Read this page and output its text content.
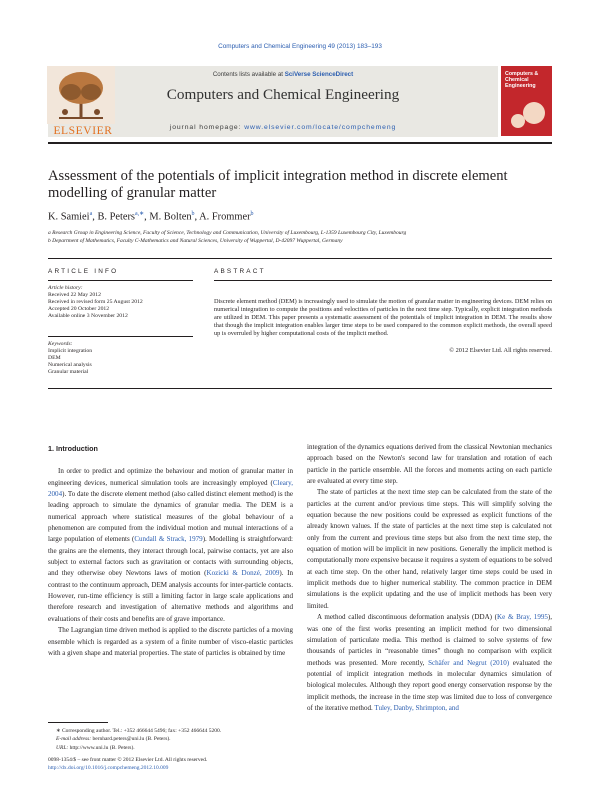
Computers and Chemical Engineering 49 (2013) 183–193
ELSEVIER
Contents lists available at SciVerse ScienceDirect
Computers and Chemical Engineering
journal homepage: www.elsevier.com/locate/compchemeng
Computers & Chemical Engineering
Assessment of the potentials of implicit integration method in discrete element modelling of granular matter
K. Samiei$^a$, B. Peters$^{a,∗}$, M. Bolten$^b$, A. Frommer$^b$
a Research Group in Engineering Science, Faculty of Science, Technology and Communication, University of Luxembourg, L-1359 Luxembourg City, Luxembourg
b Department of Mathematics, Faculty C-Mathematics and Natural Sciences, University of Wuppertal, D-42097 Wuppertal, Germany
ARTICLE INFO	ABSTRACT
Article history:
Received 22 May 2012
Received in revised form 25 August 2012
Accepted 20 October 2012
Available online 3 November 2012
Keywords:
Implicit integration
DEM
Numerical analysis
Granular material
Discrete element method (DEM) is increasingly used to simulate the motion of granular matter in engineering devices. DEM relies on numerical integration to compute the positions and velocities of particles in the next time step. Typically, explicit integration methods are utilized in DEM. This paper presents a systematic assessment of the potentials of implicit integration in DEM. The results show that though the implicit integration enables larger time steps to be used compared to the common explicit methods, the overall speed up is overruled by higher computational costs of the implicit method.
© 2012 Elsevier Ltd. All rights reserved.

1. Introduction

In order to predict and optimize the behaviour and motion of granular matter in engineering devices, numerical simulation tools are increasingly employed (Cleary, 2004). To date the discrete element method (also called distinct element method) is the leading approach to simulate the dynamics of granular media. The DEM is a numerical approach where statistical measures of the global behaviour of a phenomenon are computed from the individual motion and mutual interactions of a large population of elements (Cundall & Strack, 1979). Modelling is straightforward: the grains are the elements, they interact through local, pairwise contacts, yet are also subject to external factors such as gravitation or contacts with surrounding objects, and they otherwise obey Newtons laws of motion (Kozicki & Donzé, 2009). In contrast to the continuum approach, DEM analysis accounts for inter-particle contacts. However, run-time efficiency is still a limiting factor in large scale applications and therefore research and investigation of alternative methods and algorithms and evaluations of their costs and benefits are of grave importance.

The Lagrangian time driven method is applied to the discrete particles of a moving ensemble which is regarded as a system of a finite number of visco-elastic particles with a given shape and material properties. The state of particles is obtained by time

integration of the dynamics equations derived from the classical Newtonian mechanics approach based on the Newton's second law for translation and rotation of each particle in the particle ensemble. All the forces and moments acting on each particle are evaluated at every time step.

The state of particles at the next time step can be calculated from the state of the particles at the current and/or previous time steps. This will simplify solving the equation because the new positions could be expressed as explicit functions of the already known values. If the state of particles at the next time step is calculated not only from the current and previous time steps but also from the next time step, the equation of motion will be implicit in new positions. Generally the implicit method is computationally more expensive because it requires a system of equations to be solved at each time step. On the other hand, relatively larger time steps could be used in implicit methods due to higher numerical stability. The common practice in DEM simulations is the explicit updating and the use of implicit methods has been very limited.

A method called discontinuous deformation analysis (DDA) (Ke & Bray, 1995), was one of the first works presenting an implicit method for two dimensional simulation of particulate media. This method is claimed to solve systems of few thousands of particles in “reasonable times” though no comparison with explicit methods was presented. More recently, Schäfer and Negrut (2010) evaluated the potential of implicit integration methods in molecular dynamics simulation of biological molecules. Although they report good energy conservation response by the implicit methods, the increase in the time step was limited due to loss of convergence of the iterative method. Tuley, Danby, Shrimpton, and

∗ Corresponding author. Tel.: +352 466644 5496; fax: +352 466644 5200.
E-mail address: bernhard.peters@uni.lu (B. Peters).
URL: http://www.uni.lu (B. Peters).
0098-1354/$ – see front matter © 2012 Elsevier Ltd. All rights reserved.
http://dx.doi.org/10.1016/j.compchemeng.2012.10.009
